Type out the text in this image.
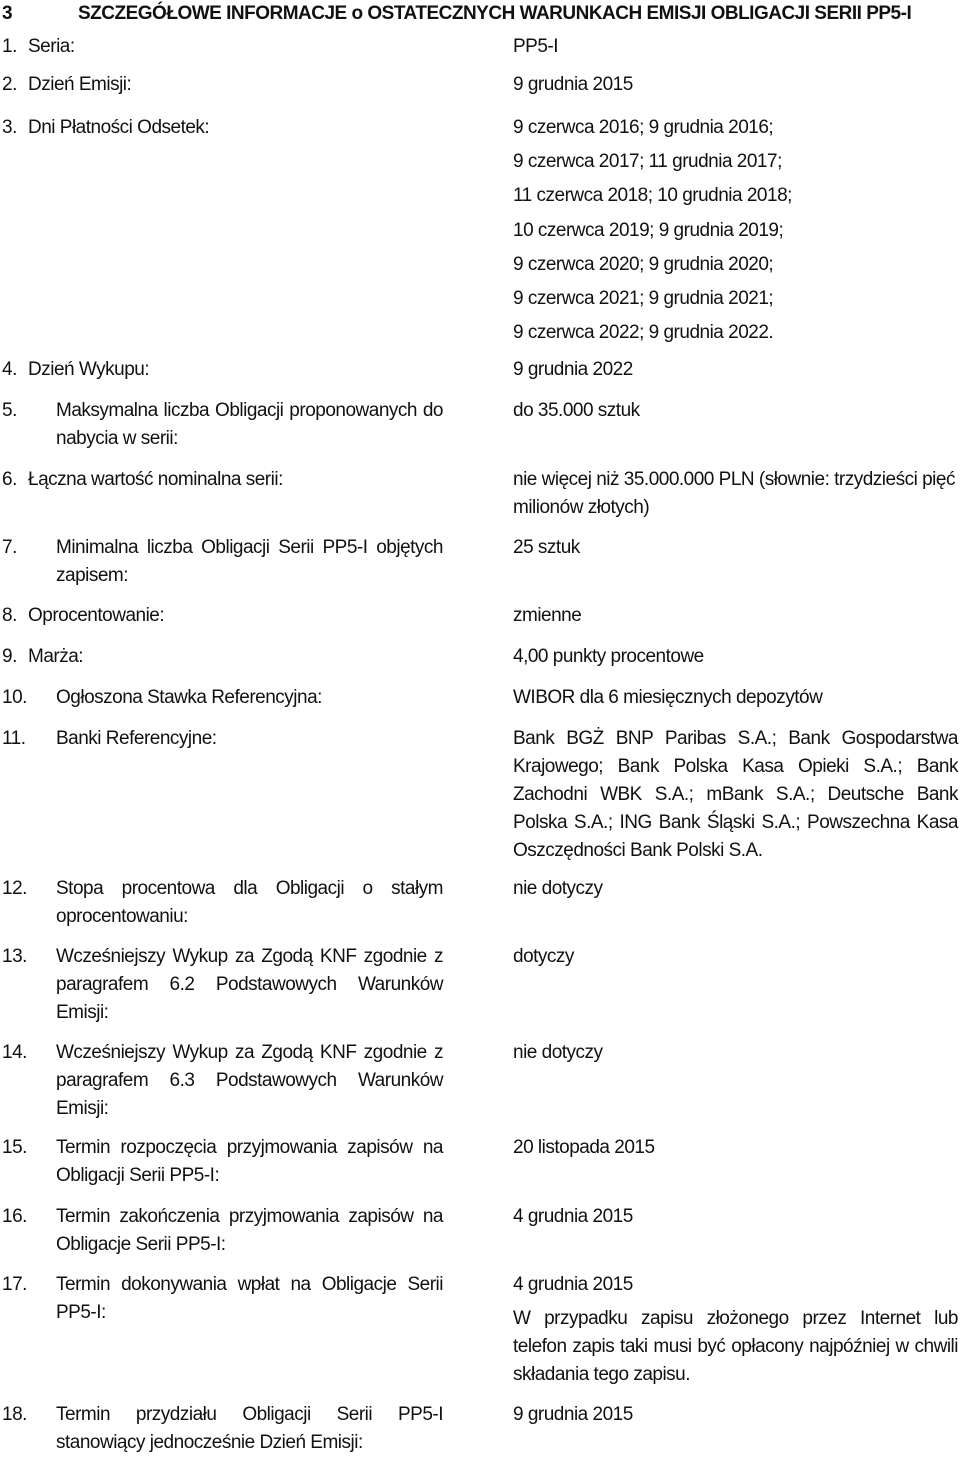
3	SZCZEGÓŁOWE INFORMACJE o OSTATECZNYCH WARUNKACH EMISJI OBLIGACJI SERII PP5-I
1. Seria:	PP5-I
2. Dzień Emisji:	9 grudnia 2015
3. Dni Płatności Odsetek:	9 czerwca 2016; 9 grudnia 2016;
9 czerwca 2017; 11 grudnia 2017;
11 czerwca 2018; 10 grudnia 2018;
10 czerwca 2019; 9 grudnia 2019;
9 czerwca 2020; 9 grudnia 2020;
9 czerwca 2021; 9 grudnia 2021;
9 czerwca 2022; 9 grudnia 2022.
4. Dzień Wykupu:	9 grudnia 2022
5. Maksymalna liczba Obligacji proponowanych do nabycia w serii:
do 35.000 sztuk
6. Łączna wartość nominalna serii:	nie więcej niż 35.000.000 PLN (słownie: trzydzieści pięć milionów złotych)
7. Minimalna liczba Obligacji Serii PP5-I objętych zapisem:
25 sztuk
8. Oprocentowanie:	zmienne
9. Marża:	4,00 punkty procentowe
10. Ogłoszona Stawka Referencyjna:	WIBOR dla 6 miesięcznych depozytów
11. Banki Referencyjne:	Bank BGŻ BNP Paribas S.A.; Bank Gospodarstwa Krajowego; Bank Polska Kasa Opieki S.A.; Bank Zachodni WBK S.A.; mBank S.A.; Deutsche Bank Polska S.A.; ING Bank Śląski S.A.; Powszechna Kasa Oszczędności Bank Polski S.A.
12. Stopa procentowa dla Obligacji o stałym oprocentowaniu:
nie dotyczy
13. Wcześniejszy Wykup za Zgodą KNF zgodnie z paragrafem 6.2 Podstawowych Warunków Emisji:
dotyczy
14. Wcześniejszy Wykup za Zgodą KNF zgodnie z paragrafem 6.3 Podstawowych Warunków Emisji:
nie dotyczy
15. Termin rozpoczęcia przyjmowania zapisów na Obligacji Serii PP5-I:
20 listopada 2015
16. Termin zakończenia przyjmowania zapisów na Obligacje Serii PP5-I:
4 grudnia 2015
17. Termin dokonywania wpłat na Obligacje Serii PP5-I:
4 grudnia 2015
W przypadku zapisu złożonego przez Internet lub telefon zapis taki musi być opłacony najpóźniej w chwili składania tego zapisu.
18. Termin przydziału Obligacji Serii PP5-I stanowiący jednocześnie Dzień Emisji:
9 grudnia 2015
